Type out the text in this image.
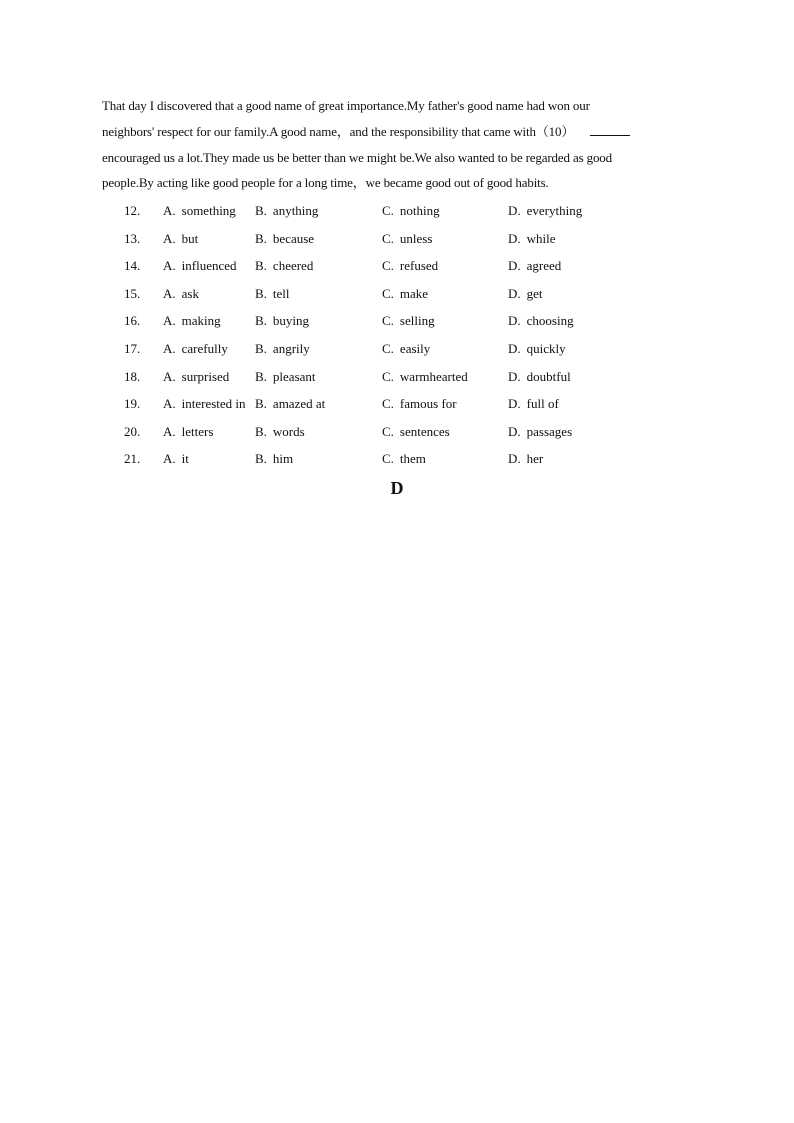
That day I discovered that a good name of great importance.My father's good name had won our
neighbors' respect for our family.A good name，and the responsibility that came with（10）
encouraged us a lot.They made us be better than we might be.We also wanted to be regarded as good
people.By acting like good people for a long time，we became good out of good habits.
12.	A. something B. anything	C. nothing	D. everything
13.	A. but	B. because	C. unless	D. while
14.	A. influenced B. cheered	C. refused	D. agreed
15.	A. ask	B. tell	C. make	D. get
16.	A. making	B. buying	C. selling	D. choosing
17.	A. carefully B. angrily	C. easily	D. quickly
18.	A. surprised B. pleasant	C. warmhearted	D. doubtful
19.	A. interested in B. amazed at	C. famous for	D. full of
20.	A. letters	B. words	C. sentences	D. passages
21.	A. it	B. him	C. them	D. her
D
